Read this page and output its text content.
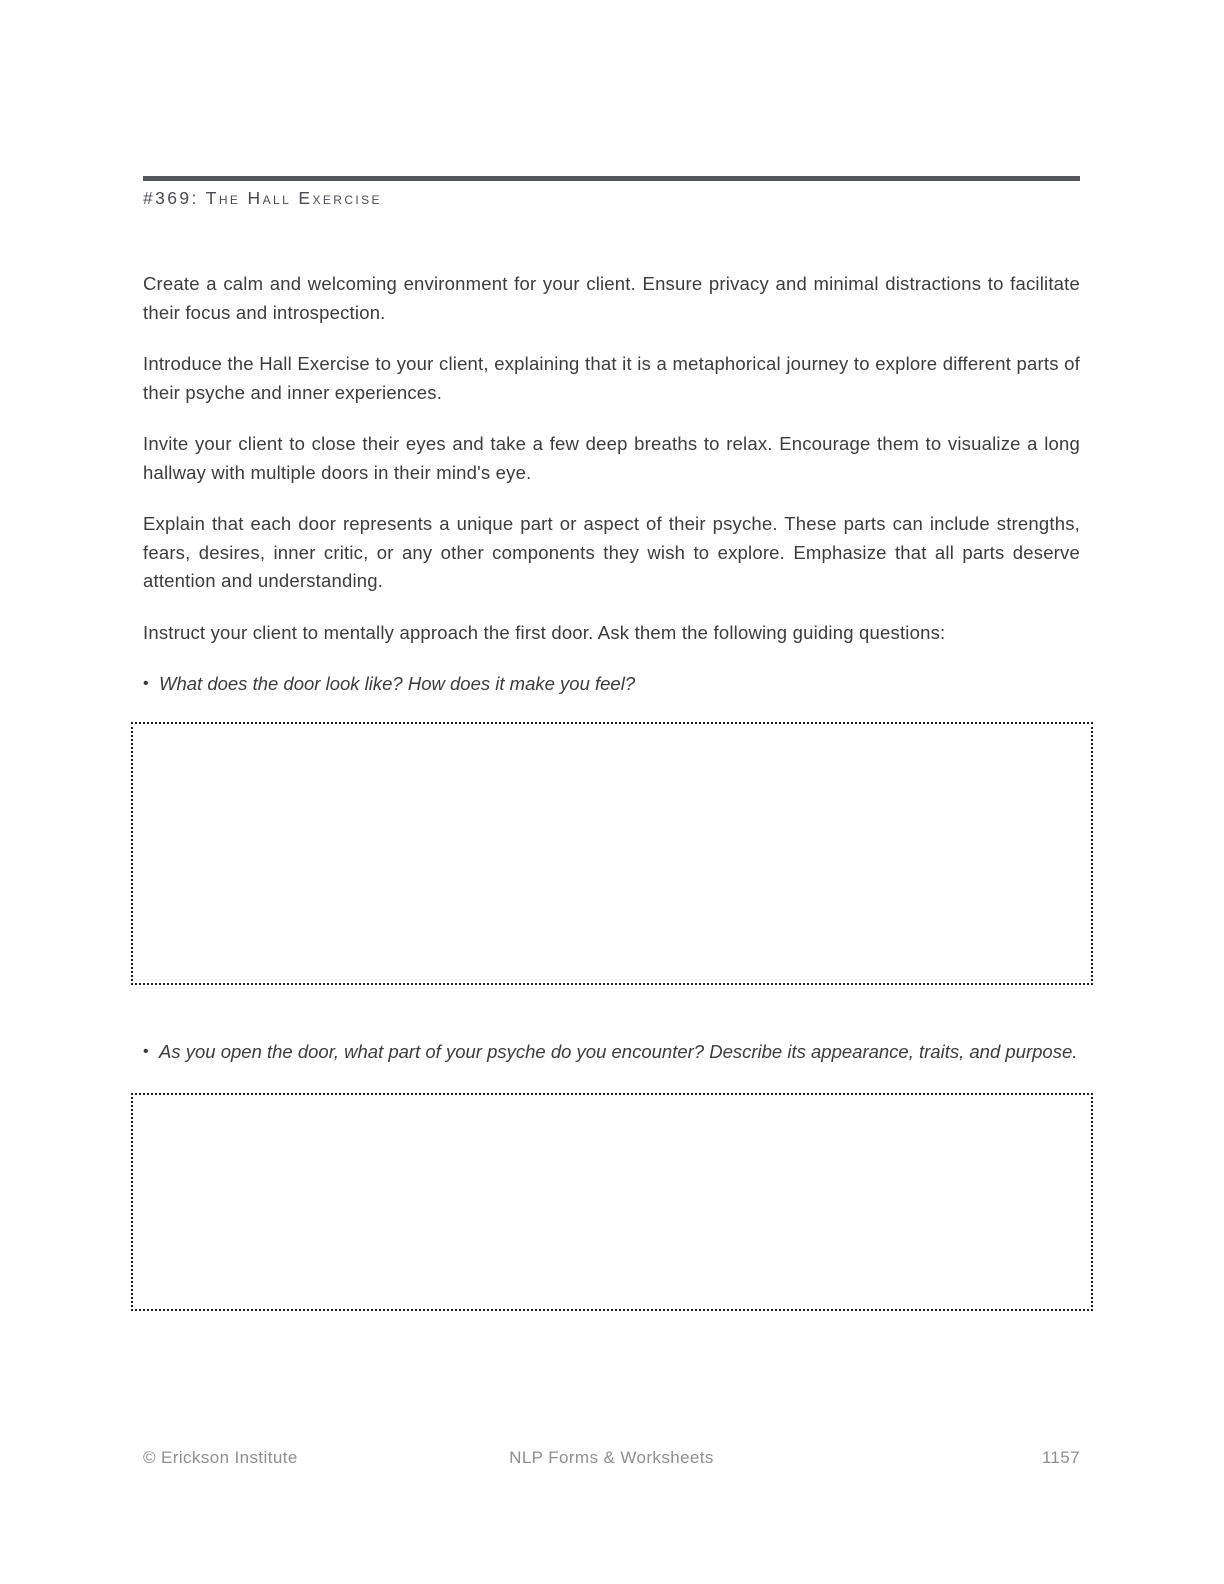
#369: The Hall Exercise

Create a calm and welcoming environment for your client. Ensure privacy and minimal distractions to facilitate their focus and introspection.

Introduce the Hall Exercise to your client, explaining that it is a metaphorical journey to explore different parts of their psyche and inner experiences.

Invite your client to close their eyes and take a few deep breaths to relax. Encourage them to visualize a long hallway with multiple doors in their mind's eye.

Explain that each door represents a unique part or aspect of their psyche. These parts can include strengths, fears, desires, inner critic, or any other components they wish to explore. Emphasize that all parts deserve attention and understanding.

Instruct your client to mentally approach the first door. Ask them the following guiding questions:

• What does the door look like? How does it make you feel?
• As you open the door, what part of your psyche do you encounter? Describe its appearance, traits, and purpose.
© Erickson Institute	NLP Forms & Worksheets	1157
